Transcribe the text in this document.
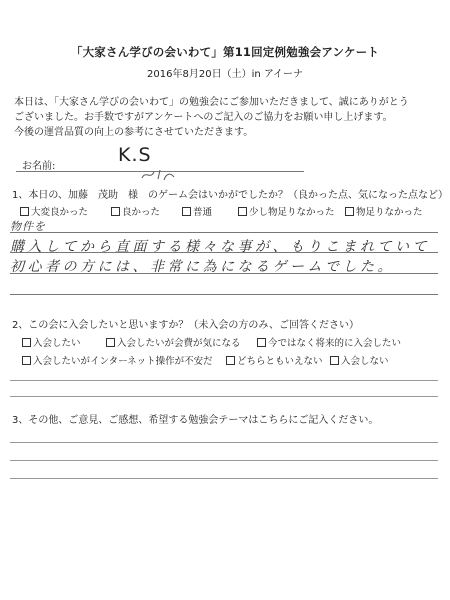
「大家さん学びの会いわて」第11回定例勉強会アンケート
2016年8月20日（土）in アイーナ
本日は、「大家さん学びの会いわて」の勉強会にご参加いただきまして、誠にありがとう
ございました。お手数ですがアンケートへのご記入のご協力をお願い申し上げます。
今後の運営品質の向上の参考にさせていただきます。
お名前:
K.S
1、本日の、加藤　茂助　様　のゲーム会はいかがでしたか？（良かった点、気になった点など）
大変良かった	良かった	普通	少し物足りなかった	物足りなかった
物件を
購入してから直面する様々な事が、もりこまれていて
初心者の方には、非常に為になるゲームでした。
2、この会に入会したいと思いますか？（未入会の方のみ、ご回答ください）
入会したい	入会したいが会費が気になる	今ではなく将来的に入会したい
入会したいがインターネット操作が不安だ	どちらともいえない	入会しない
3、その他、ご意見、ご感想、希望する勉強会テーマはこちらにご記入ください。
